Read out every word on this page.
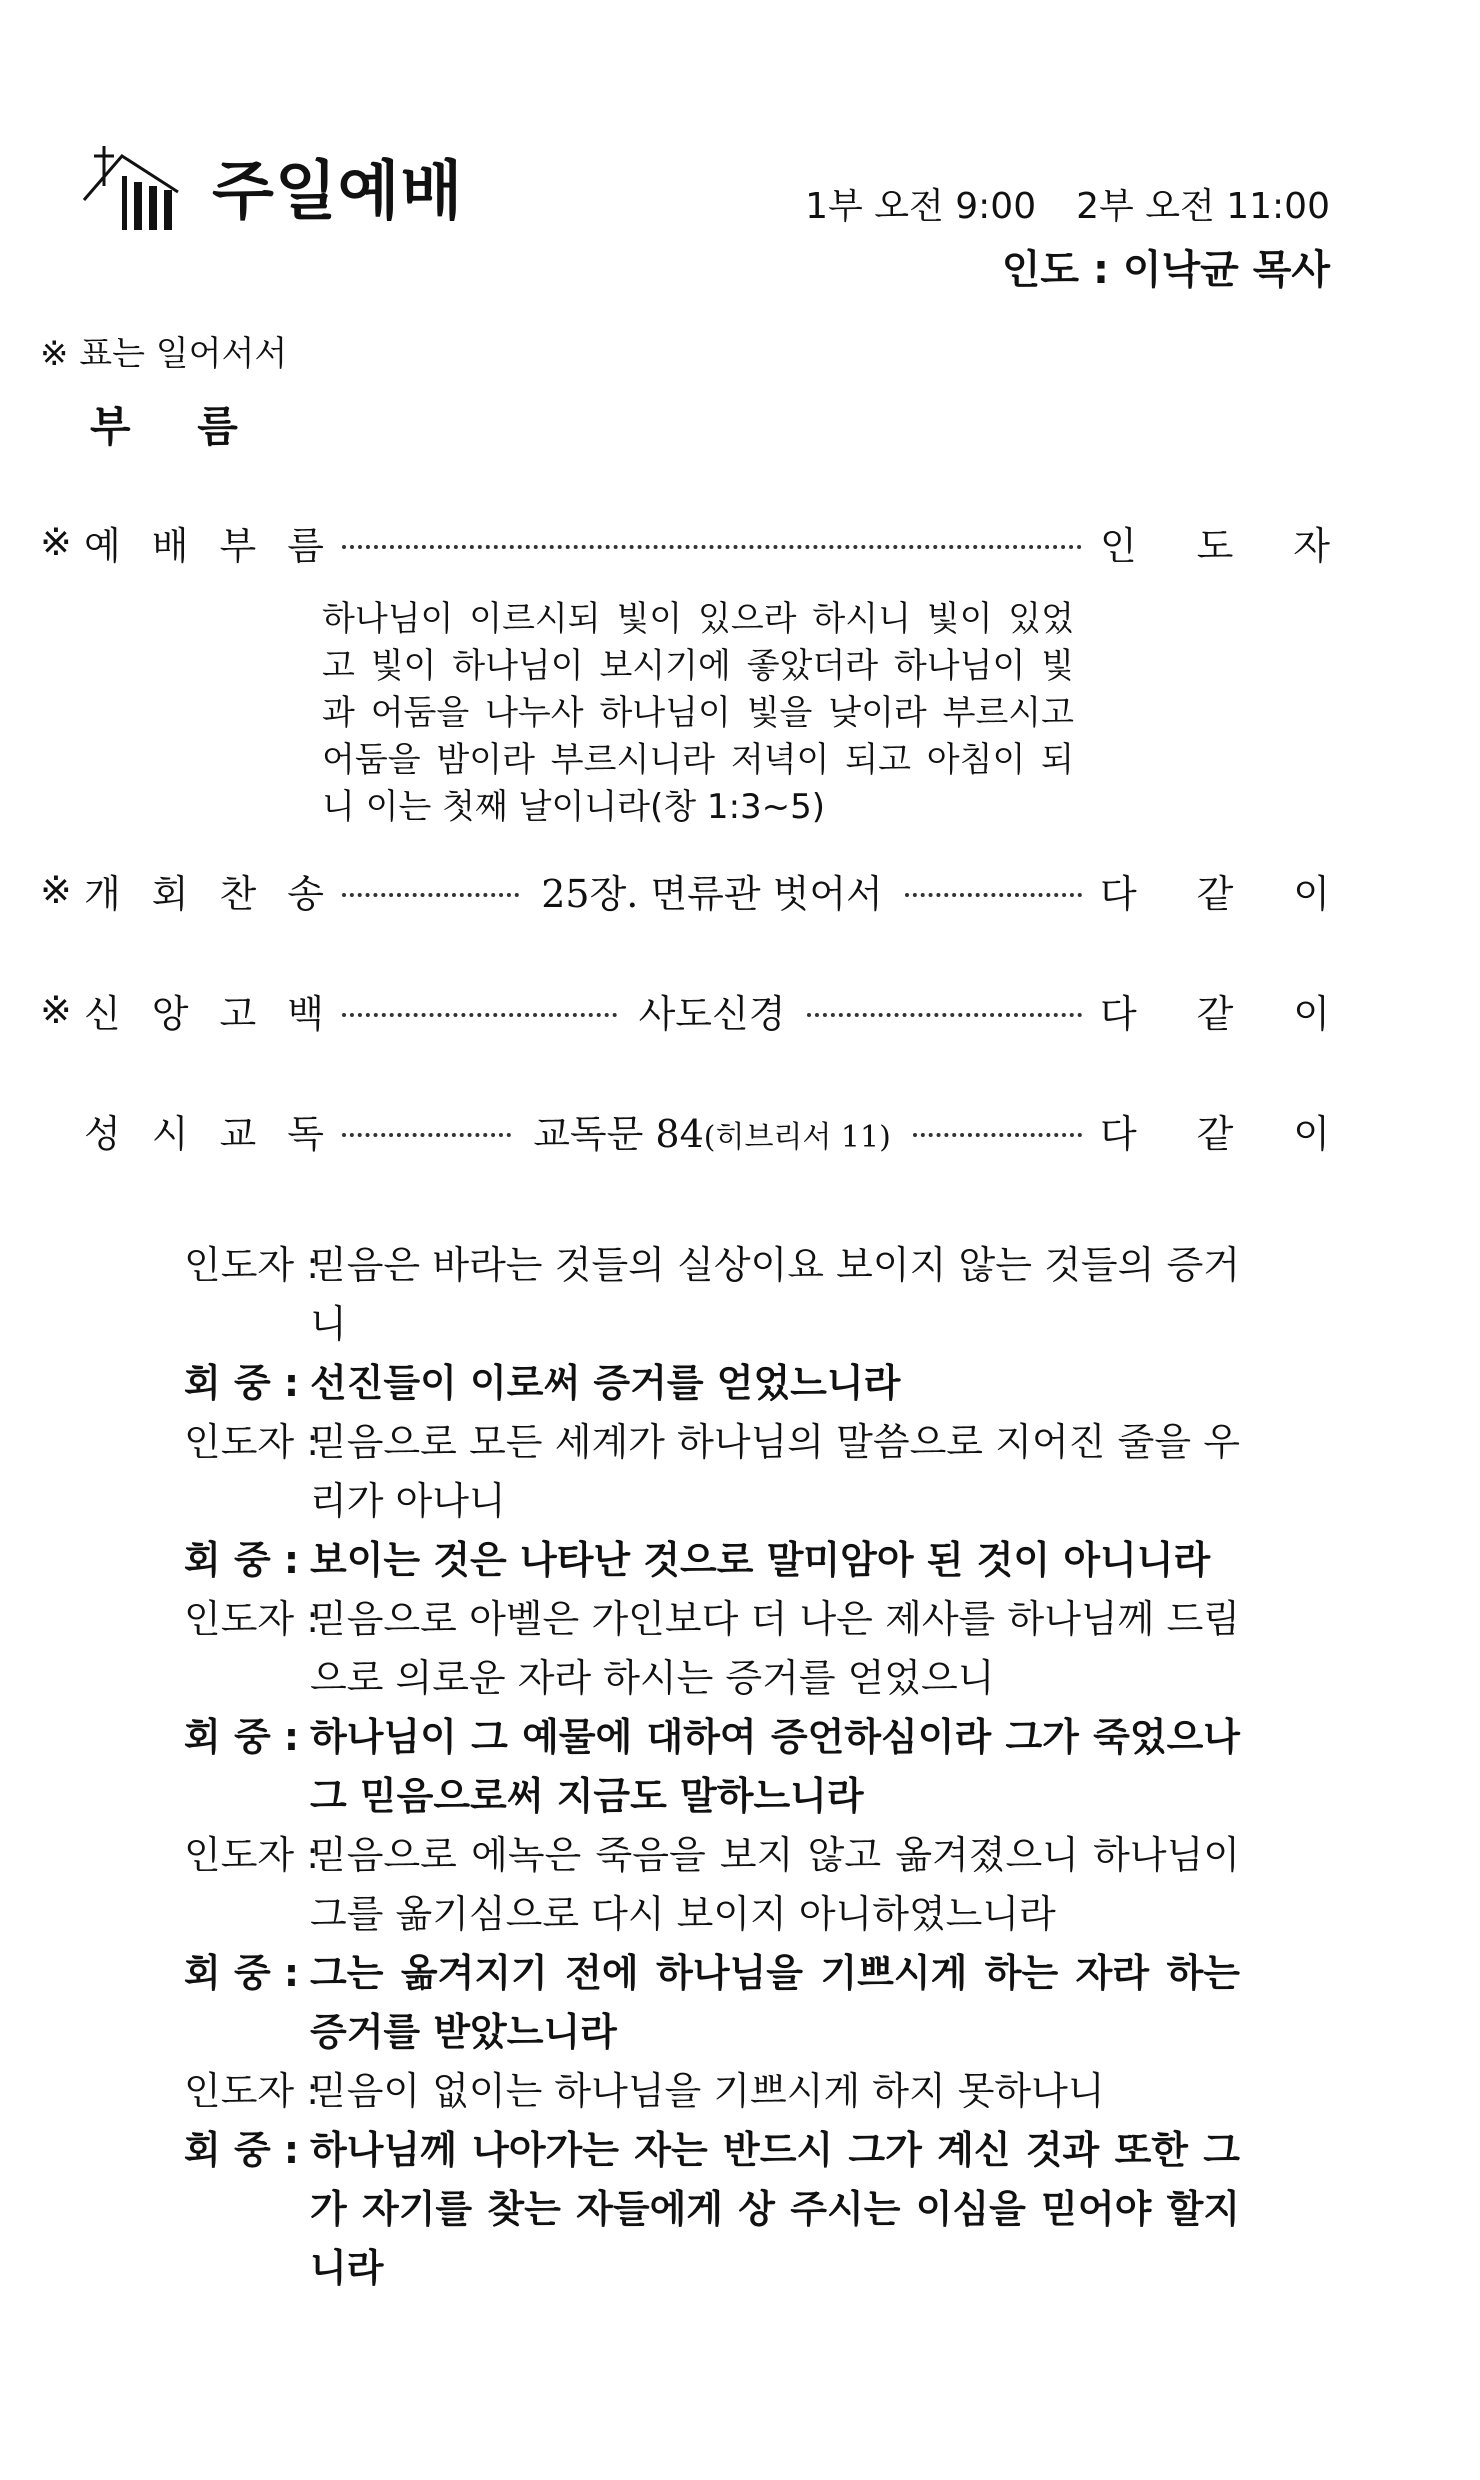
주일예배	1부 오전 9:00 2부 오전 11:00
인도 : 이낙균 목사
※ 표는 일어서서
부 름
※ 예 배 부 름	인 도 자
하나님이 이르시되 빛이 있으라 하시니 빛이 있었고 빛이 하나님이 보시기에 좋았더라 하나님이 빛과 어둠을 나누사 하나님이 빛을 낮이라 부르시고 어둠을 밤이라 부르시니라 저녁이 되고 아침이 되니 이는 첫째 날이니라(창 1:3~5)
※ 개 회 찬 송	25장. 면류관 벗어서	다 같 이
※ 신 앙 고 백	사도신경	다 같 이
성 시 교 독	교독문 84(히브리서 11)	다 같 이
인도자 :
믿음은 바라는 것들의 실상이요 보이지 않는 것들의 증거니
회 중 : 선진들이 이로써 증거를 얻었느니라
인도자 :
믿음으로 모든 세계가 하나님의 말씀으로 지어진 줄을 우리가 아나니
회 중 : 보이는 것은 나타난 것으로 말미암아 된 것이 아니니라
인도자 :
믿음으로 아벨은 가인보다 더 나은 제사를 하나님께 드림으로 의로운 자라 하시는 증거를 얻었으니
회 중 : 하나님이 그 예물에 대하여 증언하심이라 그가 죽었으나 그 믿음으로써 지금도 말하느니라
인도자 :
믿음으로 에녹은 죽음을 보지 않고 옮겨졌으니 하나님이 그를 옮기심으로 다시 보이지 아니하였느니라
회 중 : 그는 옮겨지기 전에 하나님을 기쁘시게 하는 자라 하는 증거를 받았느니라
인도자 :
믿음이 없이는 하나님을 기쁘시게 하지 못하나니
회 중 : 하나님께 나아가는 자는 반드시 그가 계신 것과 또한 그가 자기를 찾는 자들에게 상 주시는 이심을 믿어야 할지니라
